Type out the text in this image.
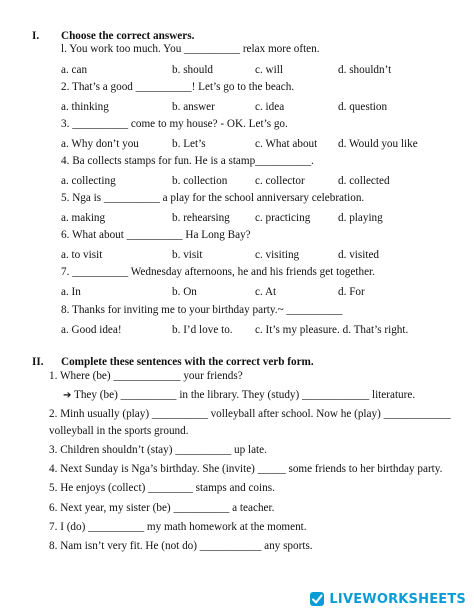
I. Choose the correct answers.
l. You work too much. You __________ relax more often.
a. can	b. should	c. will	d. shouldn’t
2. That’s a good __________! Let’s go to the beach.
a. thinking	b. answer	c. idea	d. question
3. __________ come to my house? - OK. Let’s go.
a. Why don’t you	b. Let’s	c. What about d. Would you like
4. Ba collects stamps for fun. He is a stamp__________.
a. collecting	b. collection c. collector	d. collected
5. Nga is __________ a play for the school anniversary celebration.
a. making	b. rehearsing c. practicing d. playing
6. What about __________ Ha Long Bay?
a. to visit	b. visit	c. visiting	d. visited
7. __________ Wednesday afternoons, he and his friends get together.
a. In	b. On	c. At	d. For
8. Thanks for inviting me to your birthday party.~ __________
a. Good idea!	b. I’d love to. c. It’s my pleasure. d. That’s right.
II. Complete these sentences with the correct verb form.
1. Where (be) ____________ your friends?
➔ They (be) __________ in the library. They (study) ____________ literature.
2. Minh usually (play) __________ volleyball after school. Now he (play) ____________
volleyball in the sports ground.
3. Children shouldn’t (stay) __________ up late.
4. Next Sunday is Nga’s birthday. She (invite) _____ some friends to her birthday party.
5. He enjoys (collect) ________ stamps and coins.
6. Next year, my sister (be) __________ a teacher.
7. I (do) __________ my math homework at the moment.
8. Nam isn’t very fit. He (not do) ___________ any sports.
LIVEWORKSHEETS
